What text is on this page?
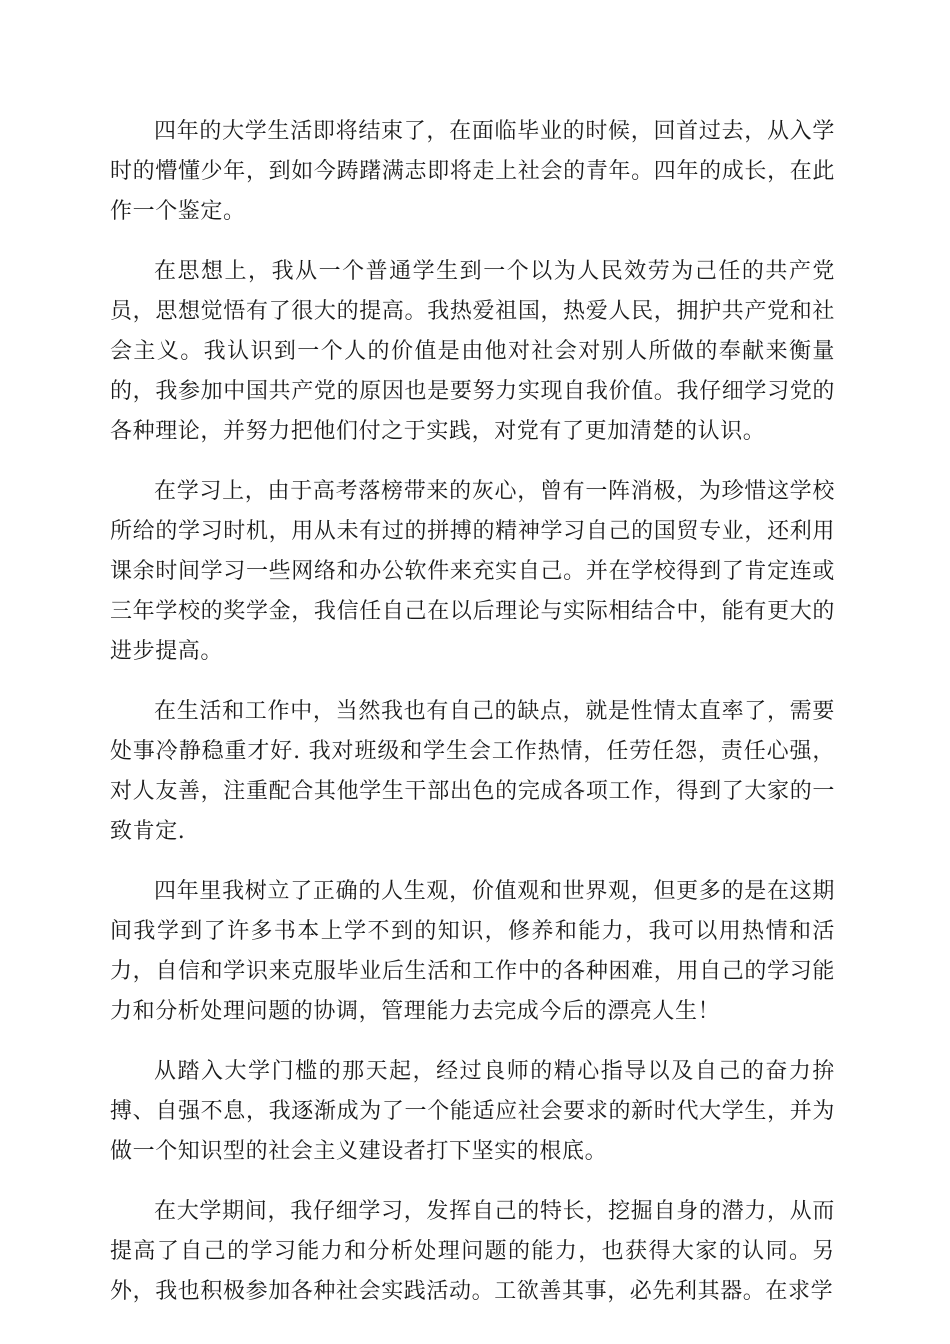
四年的大学生活即将结束了，在面临毕业的时候，回首过去，从入学时的懵懂少年，到如今踌躇满志即将走上社会的青年。四年的成长，在此作一个鉴定。

在思想上，我从一个普通学生到一个以为人民效劳为己任的共产党员，思想觉悟有了很大的提高。我热爱祖国，热爱人民，拥护共产党和社会主义。我认识到一个人的价值是由他对社会对别人所做的奉献来衡量的，我参加中国共产党的原因也是要努力实现自我价值。我仔细学习党的各种理论，并努力把他们付之于实践，对党有了更加清楚的认识。

在学习上，由于高考落榜带来的灰心，曾有一阵消极，为珍惜这学校所给的学习时机，用从未有过的拼搏的精神学习自己的国贸专业，还利用课余时间学习一些网络和办公软件来充实自己。并在学校得到了肯定连或三年学校的奖学金，我信任自己在以后理论与实际相结合中，能有更大的进步提高。

在生活和工作中，当然我也有自己的缺点，就是性情太直率了，需要处事冷静稳重才好. 我对班级和学生会工作热情，任劳任怨，责任心强，对人友善，注重配合其他学生干部出色的完成各项工作，得到了大家的一致肯定.

四年里我树立了正确的人生观，价值观和世界观，但更多的是在这期间我学到了许多书本上学不到的知识，修养和能力，我可以用热情和活力，自信和学识来克服毕业后生活和工作中的各种困难，用自己的学习能力和分析处理问题的协调，管理能力去完成今后的漂亮人生！

从踏入大学门槛的那天起，经过良师的精心指导以及自己的奋力拚搏、自强不息，我逐渐成为了一个能适应社会要求的新时代大学生，并为做一个知识型的社会主义建设者打下坚实的根底。

在大学期间，我仔细学习，发挥自己的特长，挖掘自身的潜力，从而提高了自己的学习能力和分析处理问题的能力，也获得大家的认同。另外，我也积极参加各种社会实践活动。工欲善其事，必先利其器。在求学
